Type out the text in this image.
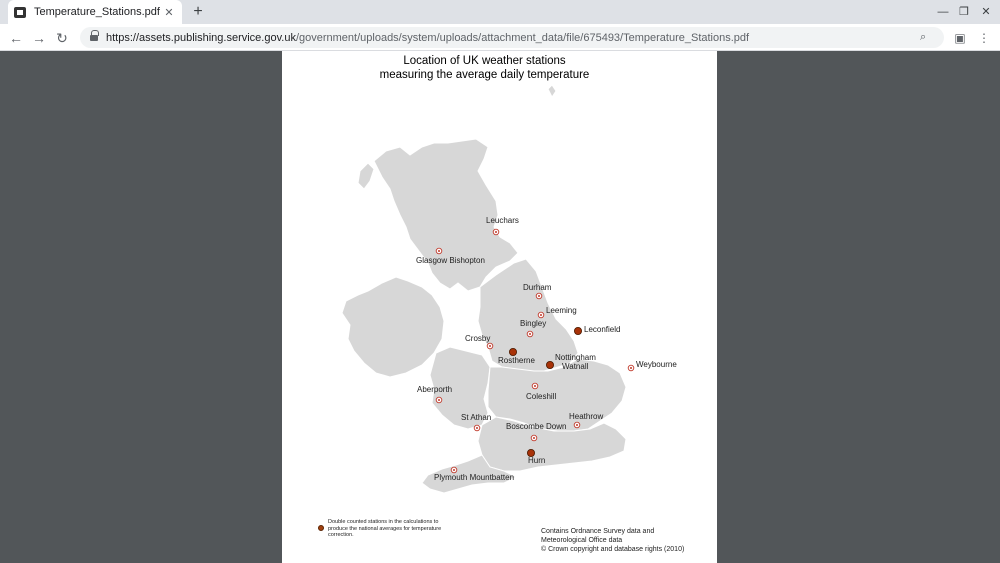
Temperature_Stations.pdf ✕ +	— ❐	✕
← → ↻	https://assets.publishing.service.gov.uk/government/uploads/system/uploads/attachment_data/file/675493/Temperature_Stations.pdf	⌕	▣	⋮
Location of UK weather stations
measuring the average daily temperature
Leuchars
Glasgow Bishopton
Durham
Leeming
Bingley
Leconfield
Crosby
Rostherne	Nottingham
Watnall	Weybourne
Aberporth
Coleshill
St Athan	Heathrow
Boscombe Down
Hurn
Plymouth Mountbatten
Double counted stations in the calculations to produce the national averages for temperature correction.	Contains Ordnance Survey data and
Meteorological Office data
© Crown copyright and database rights (2010)
